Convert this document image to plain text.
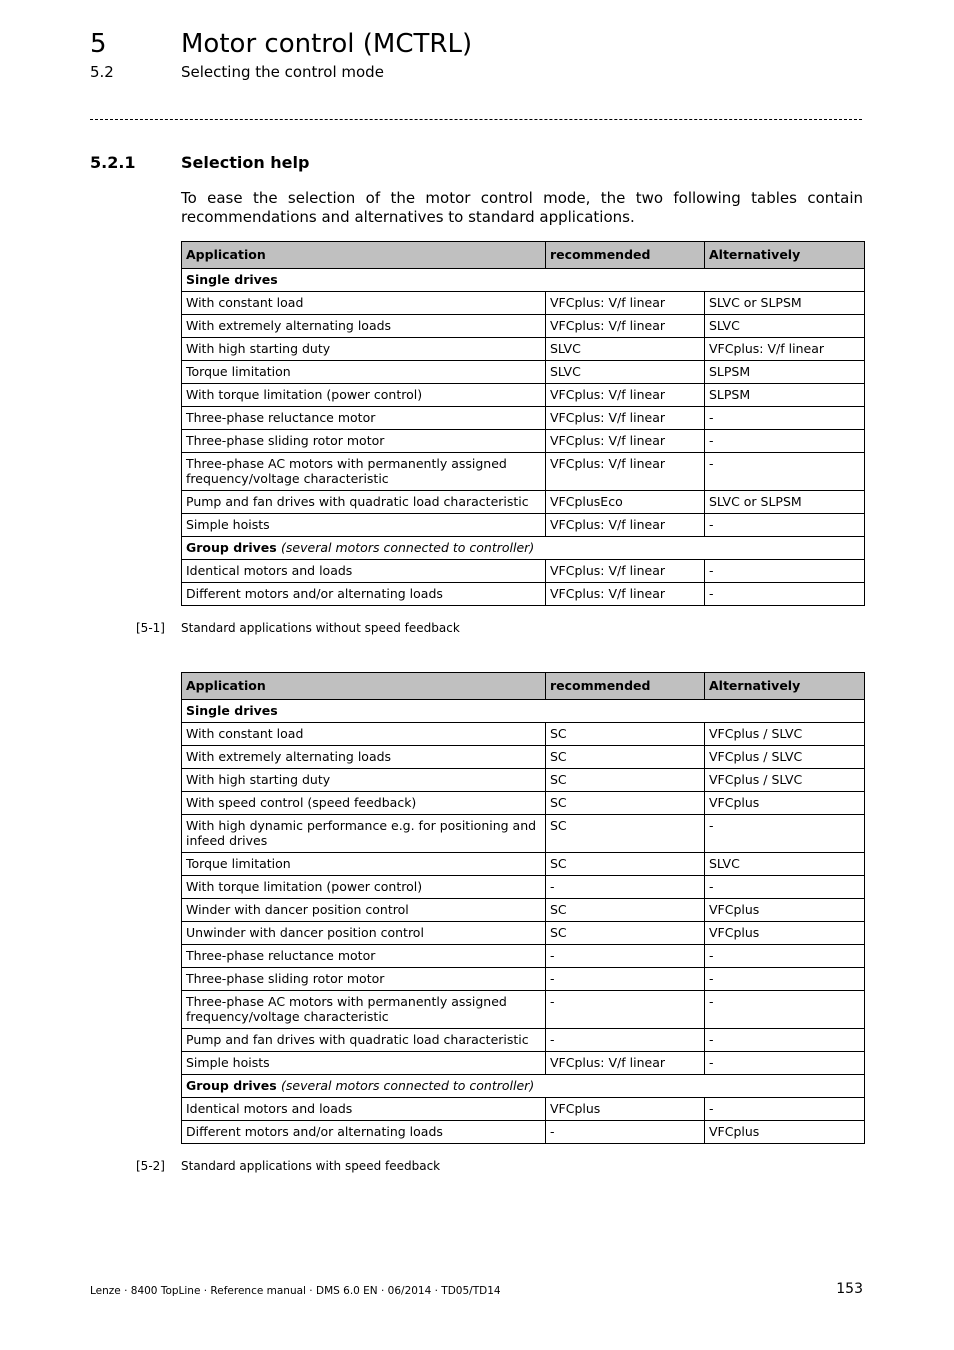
5	Motor control (MCTRL)
5.2	Selecting the control mode
5.2.1	Selection help
To ease the selection of the motor control mode, the two following tables contain recommendations and alternatives to standard applications.
Application	recommended	Alternatively
Single drives		
With constant load	VFCplus: V/f linear	SLVC or SLPSM
With extremely alternating loads	VFCplus: V/f linear	SLVC
With high starting duty	SLVC	VFCplus: V/f linear
Torque limitation	SLVC	SLPSM
With torque limitation (power control)	VFCplus: V/f linear	SLPSM
Three-phase reluctance motor	VFCplus: V/f linear	-
Three-phase sliding rotor motor	VFCplus: V/f linear	-
Three-phase AC motors with permanently assigned frequency/voltage characteristic	VFCplus: V/f linear	-
Pump and fan drives with quadratic load characteristic	VFCplusEco	SLVC or SLPSM
Simple hoists	VFCplus: V/f linear	-
Group drives (several motors connected to controller)		
Identical motors and loads	VFCplus: V/f linear	-
Different motors and/or alternating loads	VFCplus: V/f linear	-
[5-1] Standard applications without speed feedback
Application	recommended	Alternatively
Single drives		
With constant load	SC	VFCplus / SLVC
With extremely alternating loads	SC	VFCplus / SLVC
With high starting duty	SC	VFCplus / SLVC
With speed control (speed feedback)	SC	VFCplus
With high dynamic performance e.g. for positioning and infeed drives	SC	-
Torque limitation	SC	SLVC
With torque limitation (power control)	-	-
Winder with dancer position control	SC	VFCplus
Unwinder with dancer position control	SC	VFCplus
Three-phase reluctance motor	-	-
Three-phase sliding rotor motor	-	-
Three-phase AC motors with permanently assigned frequency/voltage characteristic	-	-
Pump and fan drives with quadratic load characteristic	-	-
Simple hoists	VFCplus: V/f linear	-
Group drives (several motors connected to controller)		
Identical motors and loads	VFCplus	-
Different motors and/or alternating loads	-	VFCplus
[5-2] Standard applications with speed feedback
Lenze · 8400 TopLine · Reference manual · DMS 6.0 EN · 06/2014 · TD05/TD14	153
